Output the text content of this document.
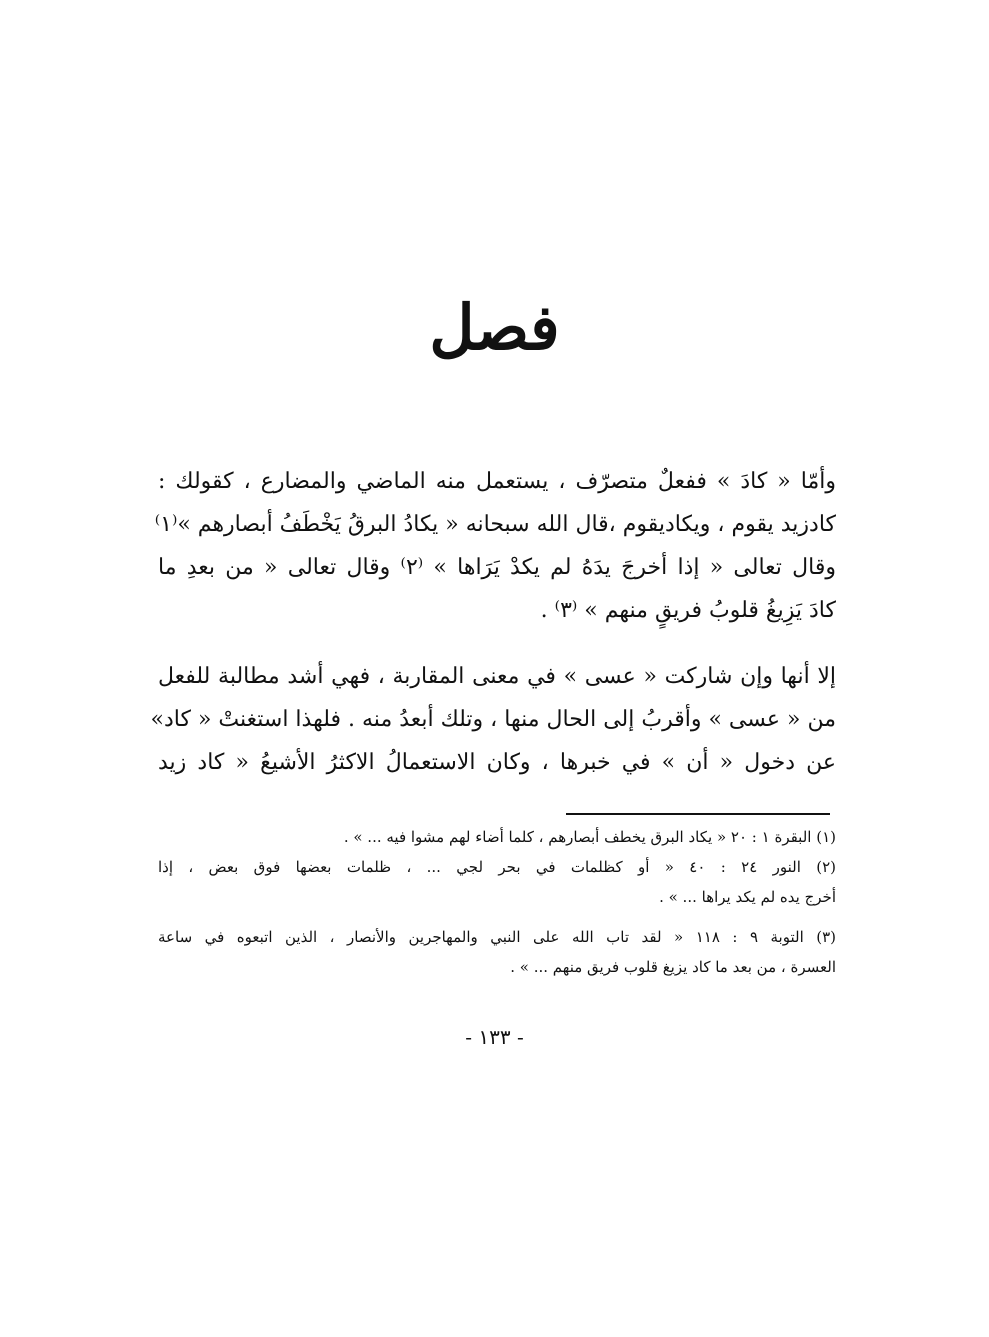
فصل
وأمّا « كادَ » ففعلٌ متصرّف ، يستعمل منه الماضي والمضارع ، كقولك :
كادزيد يقوم ، ويكاديقوم ،قال الله سبحانه « يكادُ البرقُ يَخْطَفُ أبصارهم »⁽١⁾
وقال تعالى « إذا أخرجَ يدَهُ لم يكدْ يَرَاها » ⁽٢⁾ وقال تعالى « من بعدِ ما
كادَ يَزِيغُ قلوبُ فريقٍ منهم » ⁽٣⁾ .
إلا أنها وإن شاركت « عسى » في معنى المقاربة ، فهي أشد مطالبة للفعل
من « عسى » وأقربُ إلى الحال منها ، وتلك أبعدُ منه . فلهذا استغنتْ « كاد»
عن دخول « أن » في خبرها ، وكان الاستعمالُ الاكثرُ الأشيعُ « كاد زيد
(١) البقرة ١ : ٢٠ « يكاد البرق يخطف أبصارهم ، كلما أضاء لهم مشوا فيه ... » .
(٢) النور ٢٤ : ٤٠ « أو كظلمات في بحر لجي ... ، ظلمات بعضها فوق بعض ، إذا
أخرج يده لم يكد يراها ... » .
(٣) التوبة ٩ : ١١٨ « لقد تاب الله على النبي والمهاجرين والأنصار ، الذين اتبعوه في ساعة
العسرة ، من بعد ما كاد يزيغ قلوب فريق منهم ... » .
- ١٣٣ -
